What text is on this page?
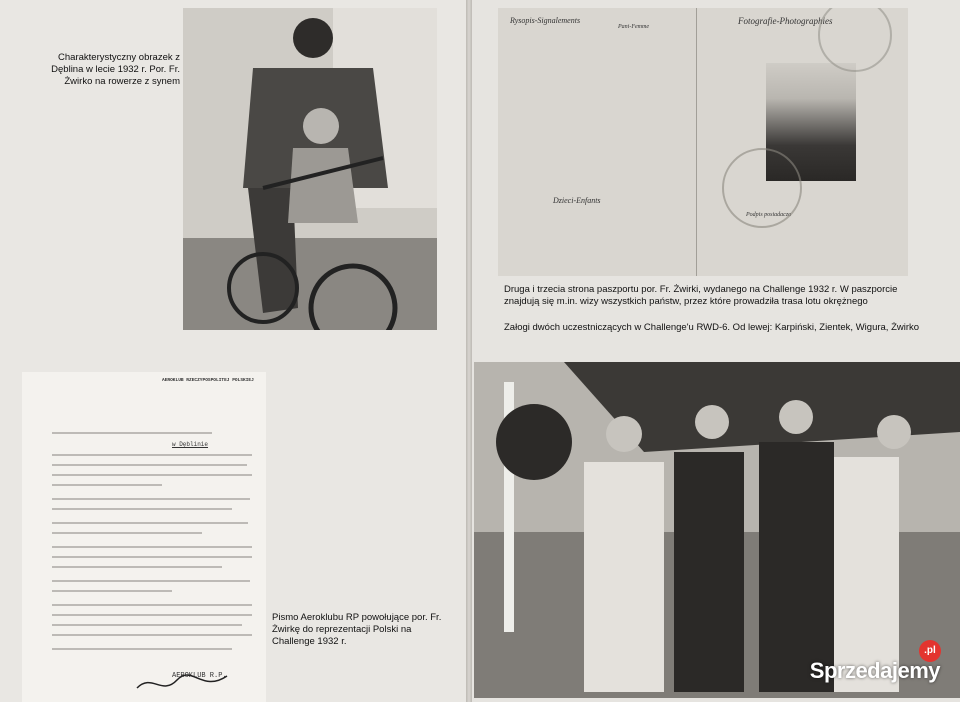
Charakterystyczny obrazek z Dęblina w lecie 1932 r. Por. Fr. Żwirko na rowerze z synem
Rysopis-Signalements
Pani-Femme
Dzieci-Enfants
Fotografie-Photographies
Podpis posiadacza
Druga i trzecia strona paszportu por. Fr. Żwirki, wydanego na Challenge 1932 r. W paszporcie znajdują się m.in. wizy wszystkich państw, przez które prowadziła trasa lotu okrężnego
Załogi dwóch uczestniczących w Challenge'u RWD-6. Od lewej: Karpiński, Zientek, Wigura, Żwirko
AEROKLUB RZECZYPOSPOLITEJ POLSKIEJ
w Dęblinie
AEROKLUB R.P.
Pismo Aeroklubu RP powołujące por. Fr. Żwirkę do reprezentacji Polski na Challenge 1932 r.
.pl
Sprzedajemy
